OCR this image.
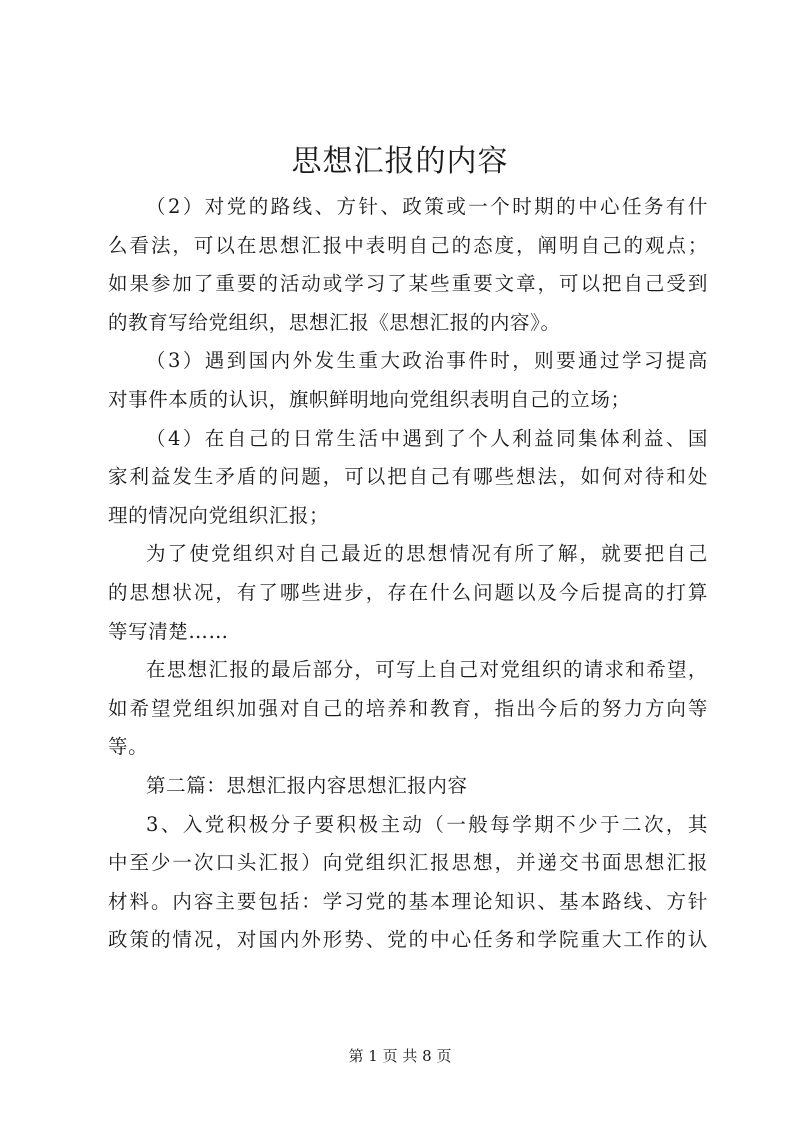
思想汇报的内容
（2）对党的路线、方针、政策或一个时期的中心任务有什
么看法，可以在思想汇报中表明自己的态度，阐明自己的观点；
如果参加了重要的活动或学习了某些重要文章，可以把自己受到
的教育写给党组织，思想汇报《思想汇报的内容》。
（3）遇到国内外发生重大政治事件时，则要通过学习提高
对事件本质的认识，旗帜鲜明地向党组织表明自己的立场；
（4）在自己的日常生活中遇到了个人利益同集体利益、国
家利益发生矛盾的问题，可以把自己有哪些想法，如何对待和处
理的情况向党组织汇报；
为了使党组织对自己最近的思想情况有所了解，就要把自己
的思想状况，有了哪些进步，存在什么问题以及今后提高的打算
等写清楚……
在思想汇报的最后部分，可写上自己对党组织的请求和希望，
如希望党组织加强对自己的培养和教育，指出今后的努力方向等
等。
第二篇：思想汇报内容思想汇报内容
3、入党积极分子要积极主动（一般每学期不少于二次，其
中至少一次口头汇报）向党组织汇报思想，并递交书面思想汇报
材料。内容主要包括：学习党的基本理论知识、基本路线、方针
政策的情况，对国内外形势、党的中心任务和学院重大工作的认
第 1 页 共 8 页
